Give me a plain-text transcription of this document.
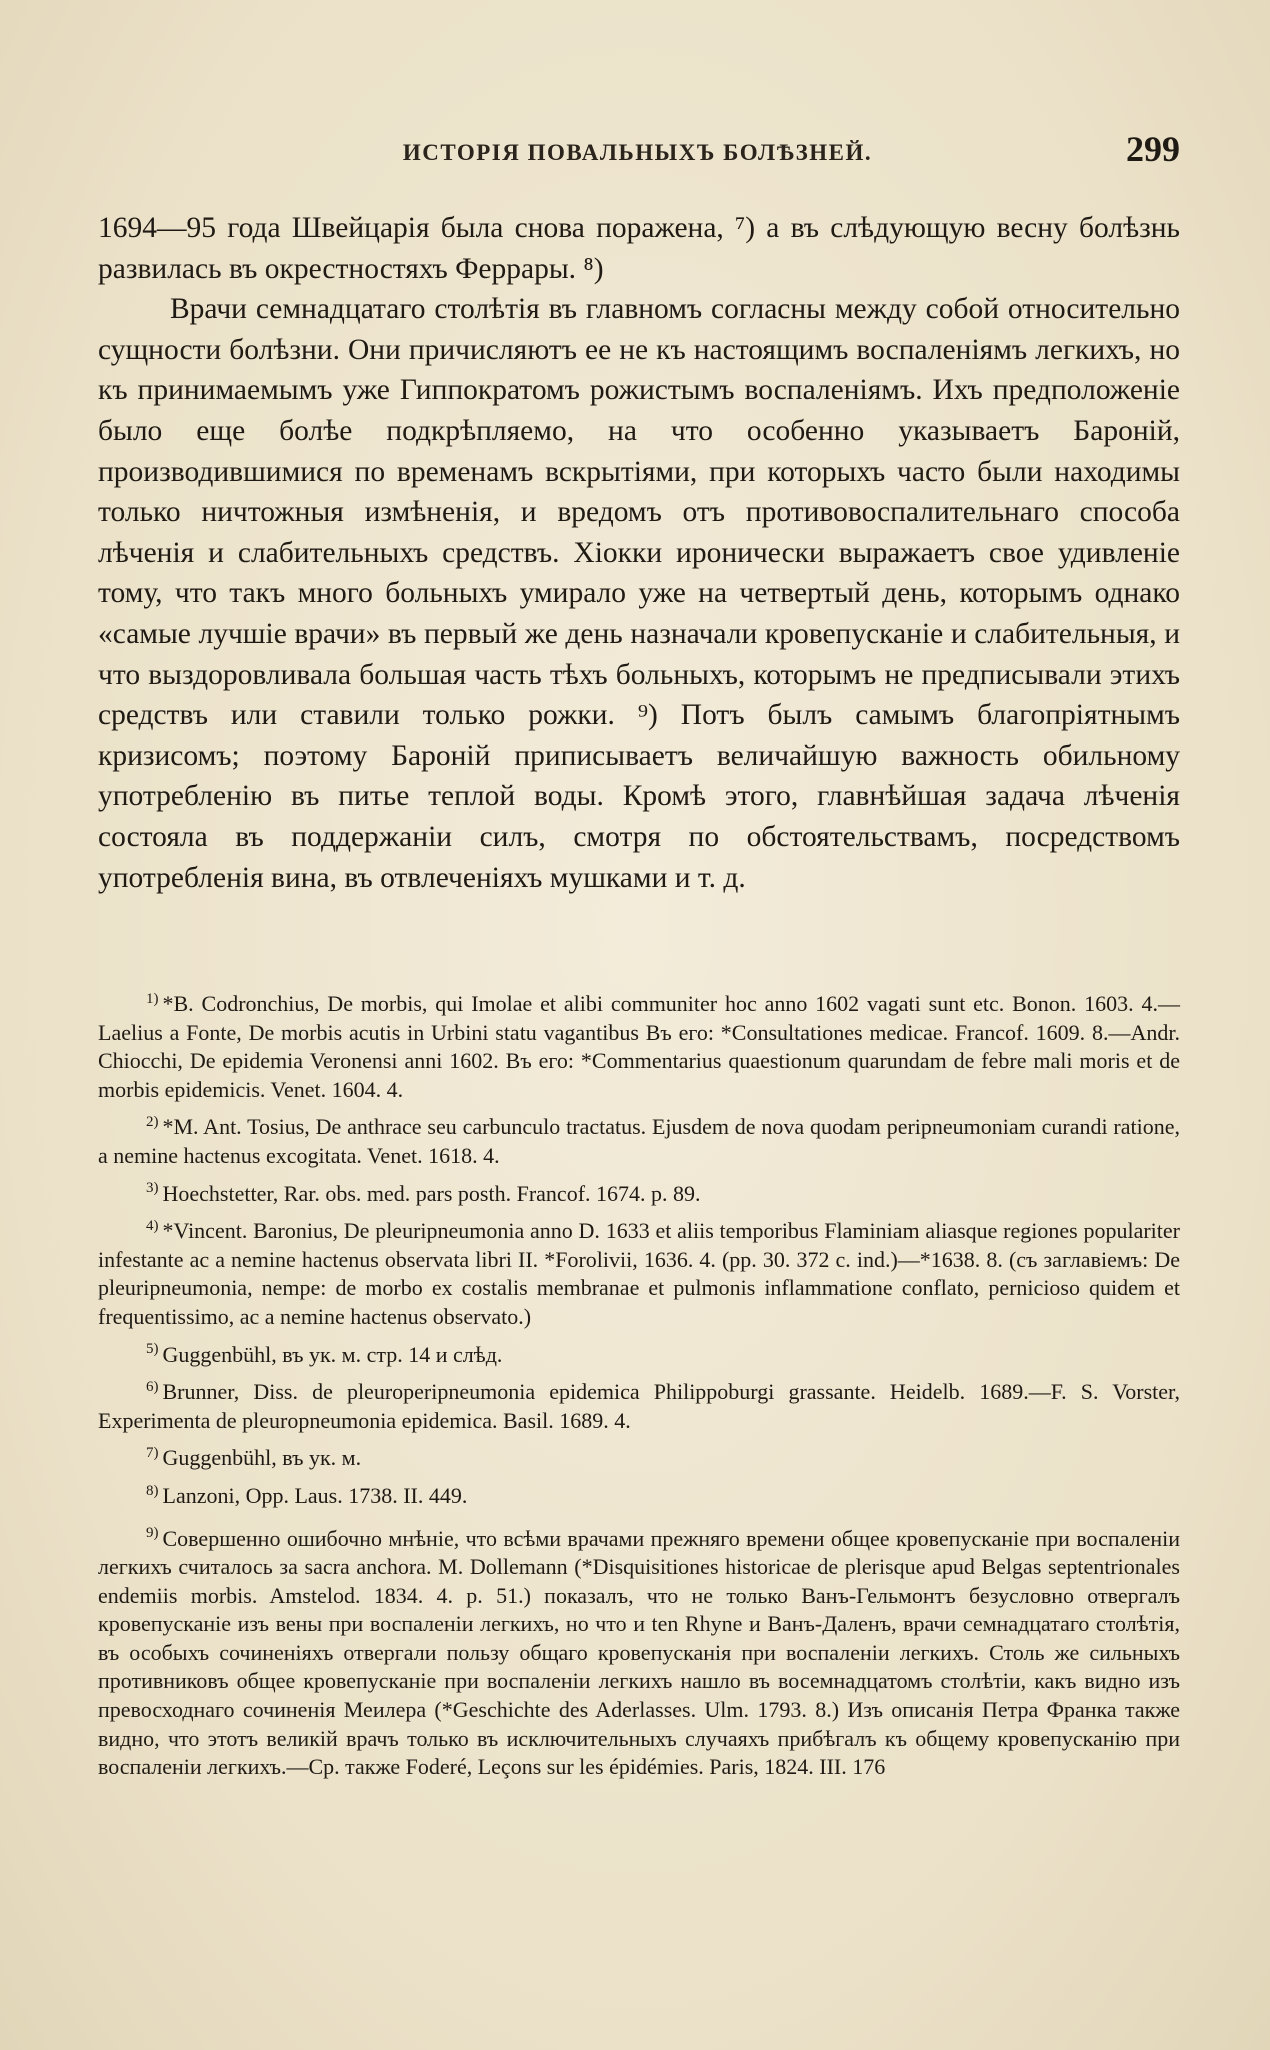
ИСТОРІЯ ПОВАЛЬНЫХЪ БОЛѢЗНЕЙ.	299

1694—95 года Швейцарія была снова поражена, ⁷) а въ слѣдующую весну болѣзнь развилась въ окрестностяхъ Феррары. ⁸)

Врачи семнадцатаго столѣтія въ главномъ согласны между собой относительно сущности болѣзни. Они причисляютъ ее не къ настоящимъ воспаленіямъ легкихъ, но къ принимаемымъ уже Гиппократомъ рожистымъ воспаленіямъ. Ихъ предположеніе было еще болѣе подкрѣпляемо, на что особенно указываетъ Бароній, производившимися по временамъ вскрытіями, при которыхъ часто были находимы только ничтожныя измѣненія, и вредомъ отъ противовоспалительнаго способа лѣченія и слабительныхъ средствъ. Хіокки иронически выражаетъ свое удивленіе тому, что такъ много больныхъ умирало уже на четвертый день, которымъ однако «самые лучшіе врачи» въ первый же день назначали кровепусканіе и слабительныя, и что выздоровливала большая часть тѣхъ больныхъ, которымъ не предписывали этихъ средствъ или ставили только рожки. ⁹) Потъ былъ самымъ благопріятнымъ кризисомъ; поэтому Бароній приписываетъ величайшую важность обильному употребленію въ питье теплой воды. Кромѣ этого, главнѣйшая задача лѣченія состояла въ поддержаніи силъ, смотря по обстоятельствамъ, посредствомъ употребленія вина, въ отвлеченіяхъ мушками и т. д.

$^{1)}$ *B. Codronchius, De morbis, qui Imolae et alibi communiter hoc anno 1602 vagati sunt etc. Bonon. 1603. 4.—Laelius a Fonte, De morbis acutis in Urbini statu vagantibus Въ его: *Consultationes medicae. Francof. 1609. 8.—Andr. Chiocchi, De epidemia Veronensi anni 1602. Въ его: *Commentarius quaestionum quarundam de febre mali moris et de morbis epidemicis. Venet. 1604. 4.

$^{2)}$ *M. Ant. Tosius, De anthrace seu carbunculo tractatus. Ejusdem de nova quodam peripneumoniam curandi ratione, a nemine hactenus excogitata. Venet. 1618. 4.

$^{3)}$ Hoechstetter, Rar. obs. med. pars posth. Francof. 1674. p. 89.

$^{4)}$ *Vincent. Baronius, De pleuripneumonia anno D. 1633 et aliis temporibus Flaminiam aliasque regiones populariter infestante ac a nemine hactenus observata libri II. *Forolivii, 1636. 4. (pp. 30. 372 c. ind.)—*1638. 8. (съ заглавіемъ: De pleuripneumonia, nempe: de morbo ex costalis membranae et pulmonis inflammatione conflato, pernicioso quidem et frequentissimo, ac a nemine hactenus observato.)

$^{5)}$ Guggenbühl, въ ук. м. стр. 14 и слѣд.

$^{6)}$ Brunner, Diss. de pleuroperipneumonia epidemica Philippoburgi grassante. Heidelb. 1689.—F. S. Vorster, Experimenta de pleuropneumonia epidemica. Basil. 1689. 4.

$^{7)}$ Guggenbühl, въ ук. м.

$^{8)}$ Lanzoni, Opp. Laus. 1738. II. 449.

$^{9)}$ Совершенно ошибочно мнѣніе, что всѣми врачами прежняго времени общее кровепусканіе при воспаленіи легкихъ считалось за sacra anchora. M. Dollemann (*Disquisitiones historicae de plerisque apud Belgas septentrionales endemiis morbis. Amstelod. 1834. 4. p. 51.) показалъ, что не только Ванъ-Гельмонтъ безусловно отвергалъ кровепусканіе изъ вены при воспаленіи легкихъ, но что и ten Rhyne и Ванъ-Даленъ, врачи семнадцатаго столѣтія, въ особыхъ сочиненіяхъ отвергали пользу общаго кровепусканія при воспаленіи легкихъ. Столь же сильныхъ противниковъ общее кровепусканіе при воспаленіи легкихъ нашло въ восемнадцатомъ столѣтіи, какъ видно изъ превосходнаго сочиненія Меилера (*Geschichte des Aderlasses. Ulm. 1793. 8.) Изъ описанія Петра Франка также видно, что этотъ великій врачъ только въ исключительныхъ случаяхъ прибѣгалъ къ общему кровепусканію при воспаленіи легкихъ.—Ср. также Foderé, Leçons sur les épidémies. Paris, 1824. III. 176
